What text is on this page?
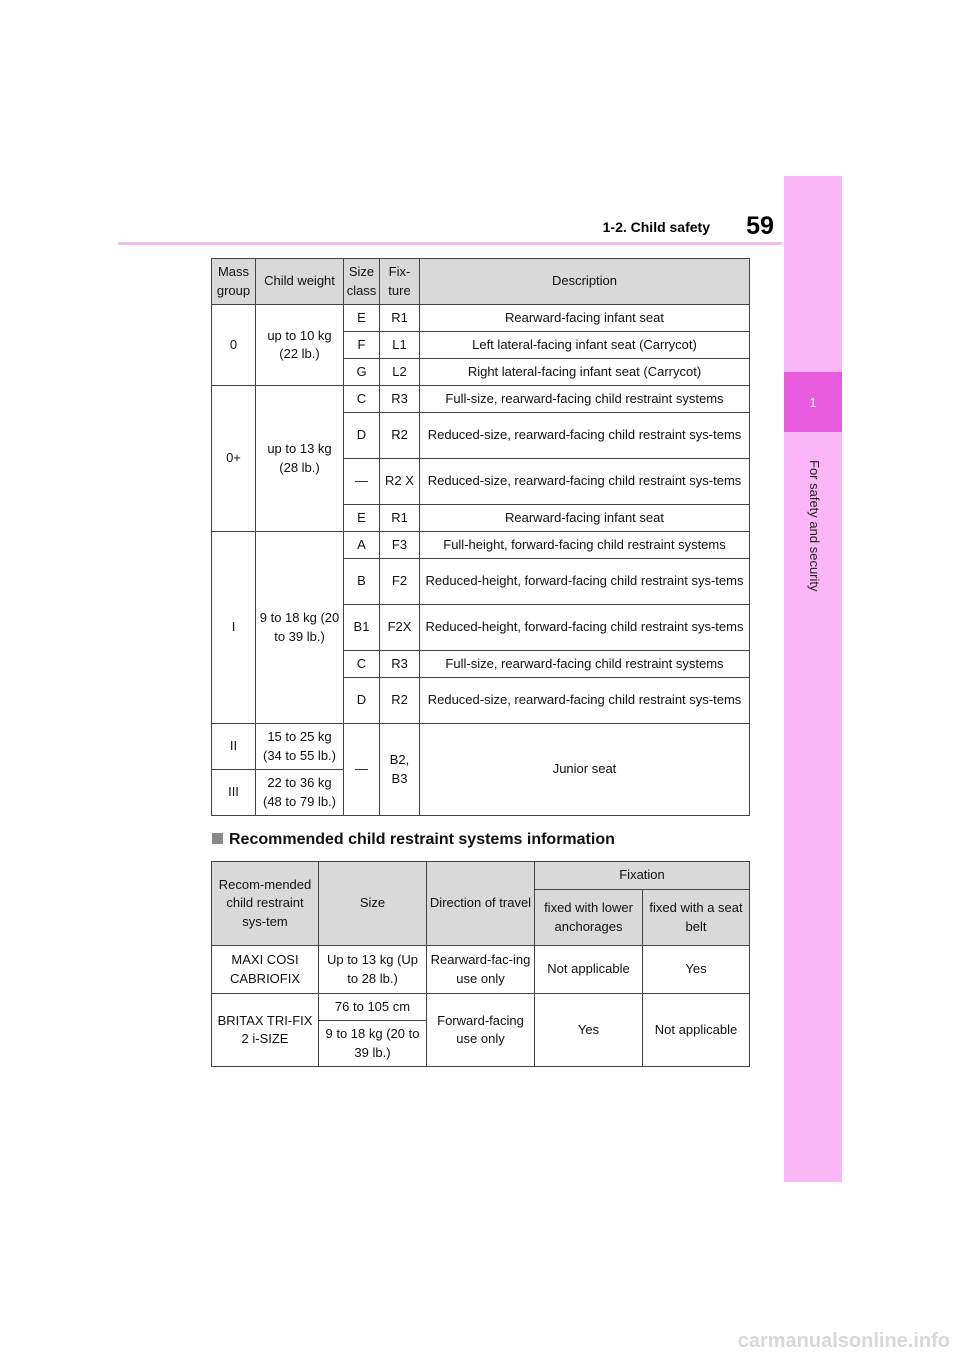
1
For safety and security
59
1-2. Child safety
Mass group	Child weight	Size class	Fix-ture	Description
0	up to 10 kg (22 lb.)	E	R1	Rearward-facing infant seat
		F	L1	Left lateral-facing infant seat (Carrycot)
		G	L2	Right lateral-facing infant seat (Carrycot)
0+	up to 13 kg (28 lb.)	C	R3	Full-size, rearward-facing child restraint systems
		D	R2	Reduced-size, rearward-facing child restraint sys-tems
		—	R2 X	Reduced-size, rearward-facing child restraint sys-tems
		E	R1	Rearward-facing infant seat
I	9 to 18 kg (20 to 39 lb.)	A	F3	Full-height, forward-facing child restraint systems
		B	F2	Reduced-height, forward-facing child restraint sys-tems
		B1	F2X	Reduced-height, forward-facing child restraint sys-tems
		C	R3	Full-size, rearward-facing child restraint systems
		D	R2	Reduced-size, rearward-facing child restraint sys-tems
II	15 to 25 kg (34 to 55 lb.)	—	B2, B3	Junior seat
III	22 to 36 kg (48 to 79 lb.)			
Recommended child restraint systems information
Recom-mended child restraint sys-tem	Size	Direction of travel	Fixation	
			fixed with lower anchorages	fixed with a seat belt
MAXI COSI CABRIOFIX	Up to 13 kg (Up to 28 lb.)	Rearward-fac-ing use only	Not applicable	Yes
BRITAX TRI-FIX 2 i-SIZE	76 to 105 cm	Forward-facing use only	Yes	Not applicable
	9 to 18 kg (20 to 39 lb.)			
carmanualsonline.info
